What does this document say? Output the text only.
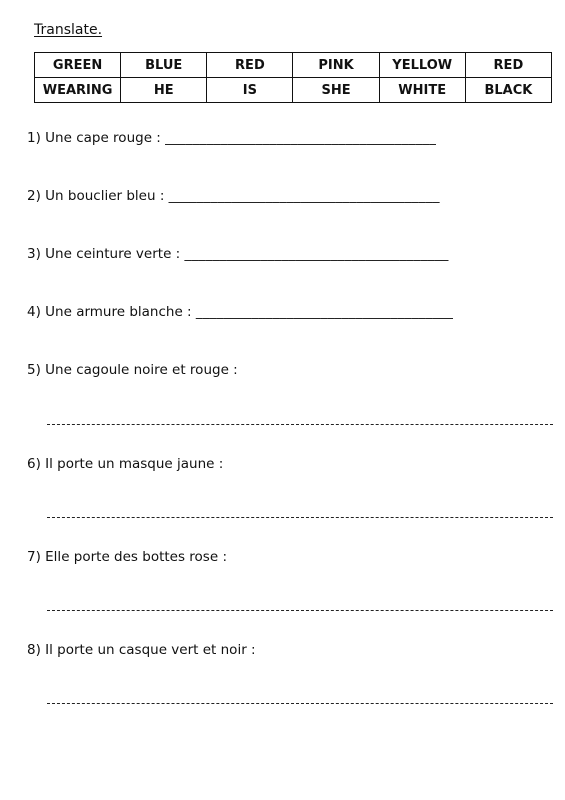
Translate.
GREEN	BLUE	RED	PINK	YELLOW	RED
WEARING	HE	IS	SHE	WHITE	BLACK
1) Une cape rouge : _______________________________________
2) Un bouclier bleu : _______________________________________
3) Une ceinture verte : ______________________________________
4) Une armure blanche : _____________________________________
5) Une cagoule noire et rouge :
6) Il porte un masque jaune :
7) Elle porte des bottes rose :
8) Il porte un casque vert et noir :
